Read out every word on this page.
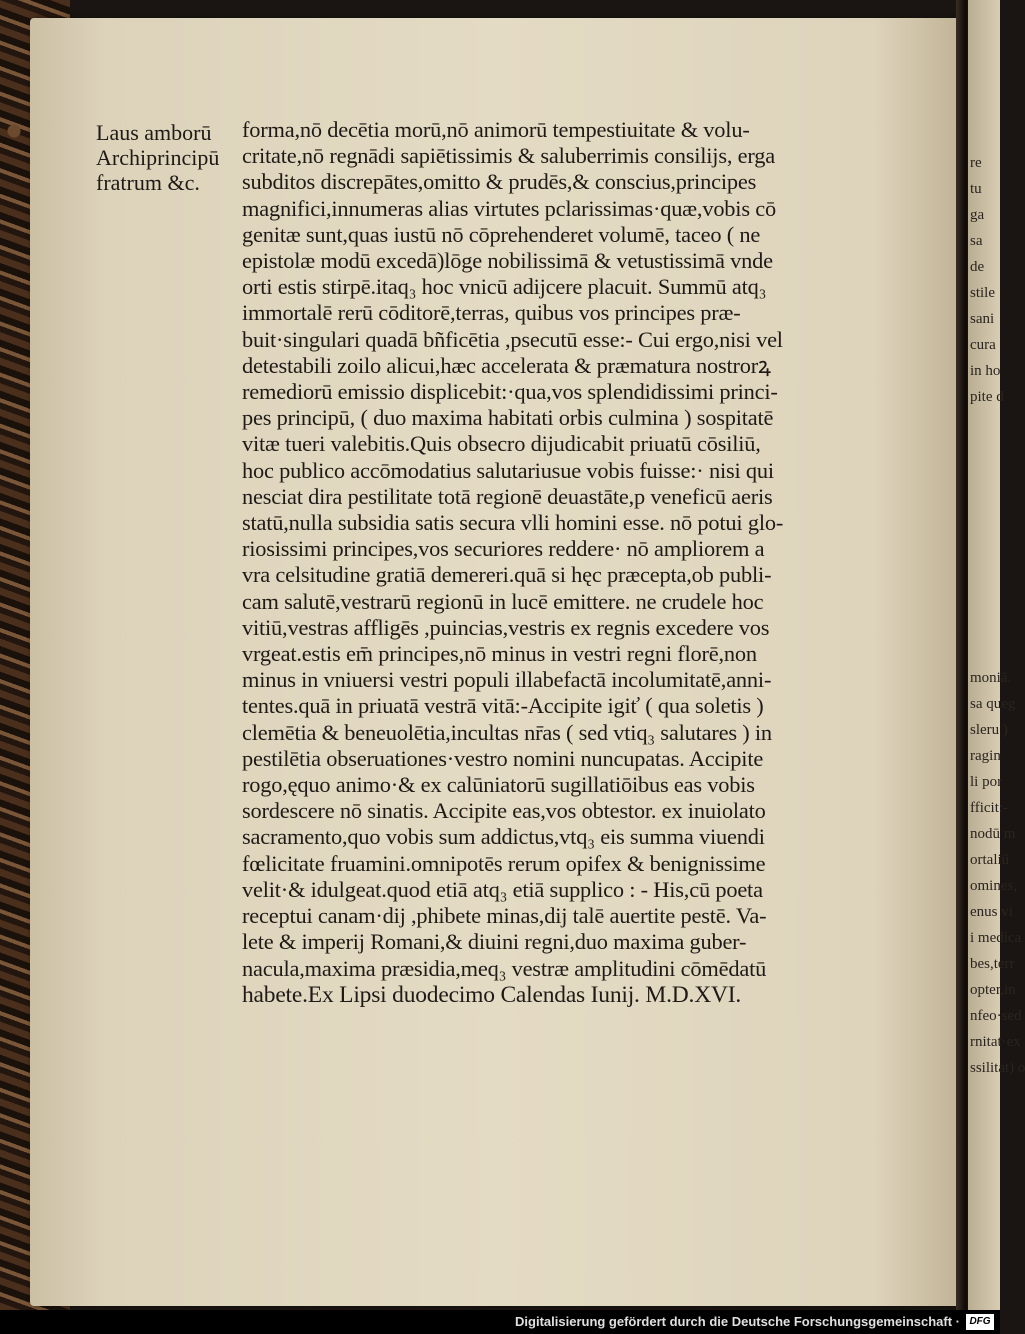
Laus amborū
Archiprincipū
fratrum &c.
forma,nō decētia morū,nō animorū tempestiuitate & volu-
critate,nō regnādi sapiētissimis & saluberrimis consilijs, erga
subditos discrepātes,omitto & prudēs,& conscius,principes
magnifici,innumeras alias virtutes pclarissimas·quæ,vobis cō
genitæ sunt,quas iustū nō cōprehenderet volumē, taceo ( ne
epistolæ modū excedā)lōge nobilissimā & vetustissimā vnde
orti estis stirpē.itaq₃ hoc vnicū adijcere placuit. Summū atq₃
immortalē rerū cōditorē,terras, quibus vos principes præ-
buit·singulari quadā bñficētia ,psecutū esse:- Cui ergo,nisi vel
detestabili zoilo alicui,hæc accelerata & præmatura nostrorꝝ
remediorū emissio displicebit:·qua,vos splendidissimi princi-
pes principū, ( duo maxima habitati orbis culmina ) sospitatē
vitæ tueri valebitis.Quis obsecro dijudicabit priuatū cōsiliū,
hoc publico accōmodatius salutariusue vobis fuisse:· nisi qui
nesciat dira pestilitate totā regionē deuastāte,p veneficū aeris
statū,nulla subsidia satis secura vlli homini esse. nō potui glo-
riosissimi principes,vos securiores reddere· nō ampliorem a
vra celsitudine gratiā demereri.quā si hęc præcepta,ob publi-
cam salutē,vestrarū regionū in lucē emittere. ne crudele hoc
vitiū,vestras affligēs ,puincias,vestris ex regnis excedere vos
vrgeat.estis em̄ principes,nō minus in vestri regni florē,non
minus in vniuersi vestri populi illabefactā incolumitatē,anni-
tentes.quā in priuatā vestrā vitā:-Accipite igiť ( qua soletis )
clemētia & beneuolētia,incultas nr̄as ( sed vtiq₃ salutares ) in
pestilētia obseruationes·vestro nomini nuncupatas. Accipite
rogo,ęquo animo·& ex calūniatorū sugillatiōibus eas vobis
sordescere nō sinatis. Accipite eas,vos obtestor. ex inuiolato
sacramento,quo vobis sum addictus,vtq₃ eis summa viuendi
fœlicitate fruamini.omnipotēs rerum opifex & benignissime
velit·& idulgeat.quod etiā atq₃ etiā supplico : - His,cū poeta
receptui canam·dij ,phibete minas,dij talē auertite pestē. Va-
lete & imperij Romani,& diuini regni,duo maxima guber-
nacula,maxima præsidia,meq₃ vestræ amplitudini cōmēdatū
habete.Ex Lipsi duodecimo Calendas Iunij. M.D.XVI.
re
tu
ga
sa
de
stile
sani
cura
in ho
pite d
moniā.
sa queg
sleru )
ragin
li por
fficit:-
nodū m
ortaliū
omines,
enus vi
i medica
bes,terr
opter,in
nfeo·sed
rnitat·ex
ssilitat) o
Digitalisierung gefördert durch die Deutsche Forschungsgemeinschaft · DFG
